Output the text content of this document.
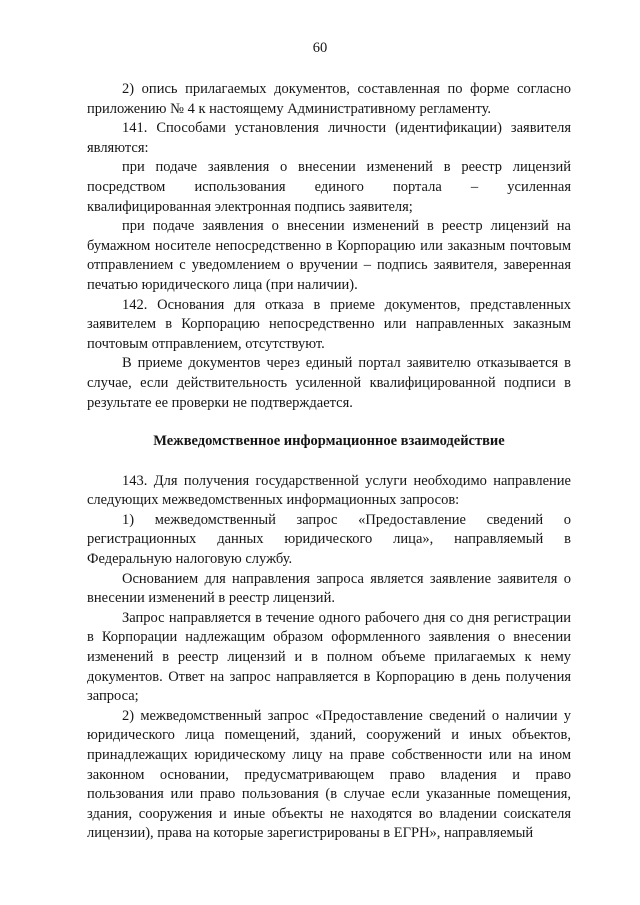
60

2) опись прилагаемых документов, составленная по форме согласно приложению № 4 к настоящему Административному регламенту.

141. Способами установления личности (идентификации) заявителя являются:

при подаче заявления о внесении изменений в реестр лицензий посредством использования единого портала – усиленная квалифицированная электронная подпись заявителя;

при подаче заявления о внесении изменений в реестр лицензий на бумажном носителе непосредственно в Корпорацию или заказным почтовым отправлением с уведомлением о вручении – подпись заявителя, заверенная печатью юридического лица (при наличии).

142. Основания для отказа в приеме документов, представленных заявителем в Корпорацию непосредственно или направленных заказным почтовым отправлением, отсутствуют.

В приеме документов через единый портал заявителю отказывается в случае, если действительность усиленной квалифицированной подписи в результате ее проверки не подтверждается.

Межведомственное информационное взаимодействие

143. Для получения государственной услуги необходимо направление следующих межведомственных информационных запросов:

1) межведомственный запрос «Предоставление сведений о регистрационных данных юридического лица», направляемый в Федеральную налоговую службу.

Основанием для направления запроса является заявление заявителя о внесении изменений в реестр лицензий.

Запрос направляется в течение одного рабочего дня со дня регистрации в Корпорации надлежащим образом оформленного заявления о внесении изменений в реестр лицензий и в полном объеме прилагаемых к нему документов. Ответ на запрос направляется в Корпорацию в день получения запроса;

2) межведомственный запрос «Предоставление сведений о наличии у юридического лица помещений, зданий, сооружений и иных объектов, принадлежащих юридическому лицу на праве собственности или на ином законном основании, предусматривающем право владения и право пользования или право пользования (в случае если указанные помещения, здания, сооружения и иные объекты не находятся во владении соискателя лицензии), права на которые зарегистрированы в ЕГРН», направляемый
